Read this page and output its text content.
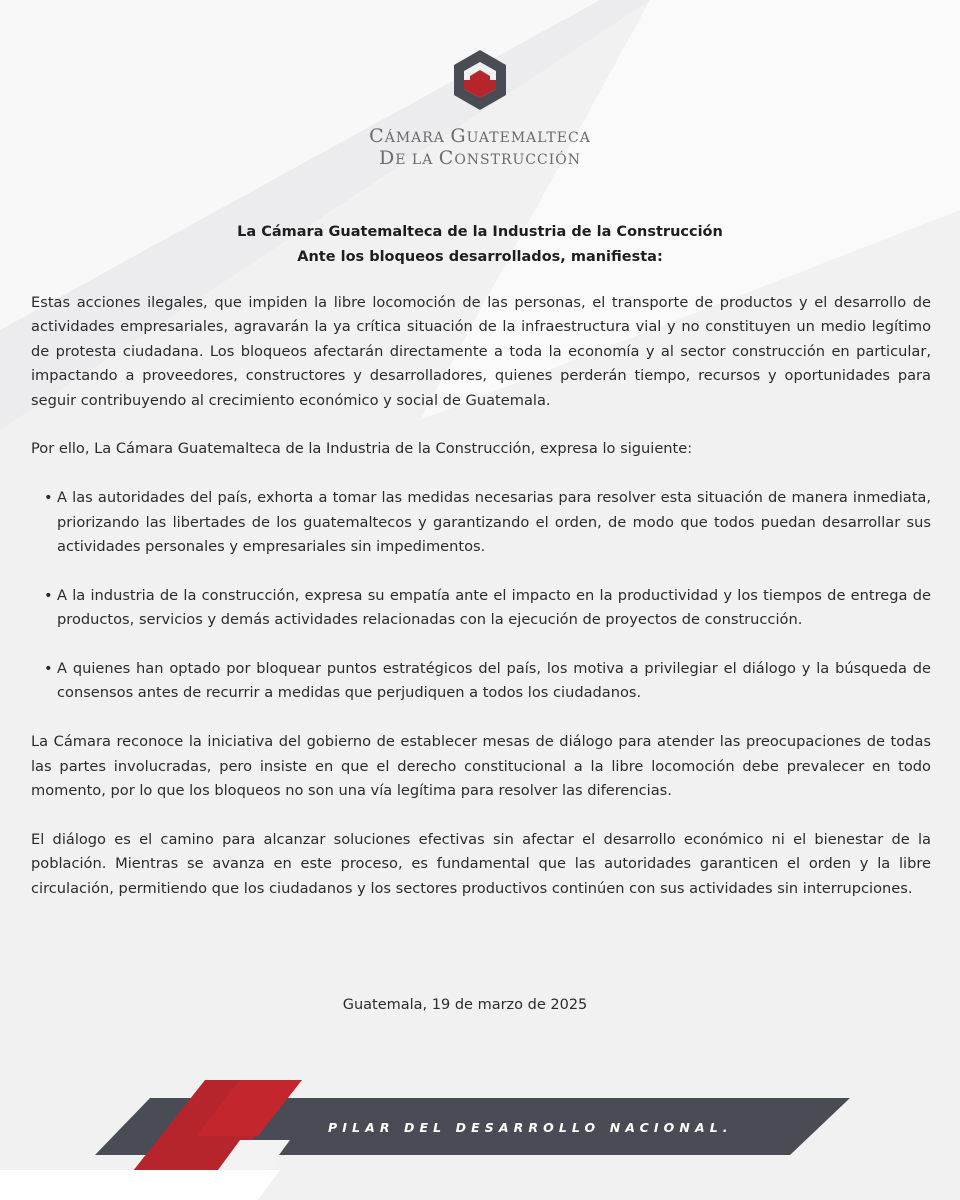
CÁMARA GUATEMALTECA
DE LA CONSTRUCCIÓN
La Cámara Guatemalteca de la Industria de la Construcción
Ante los bloqueos desarrollados, manifiesta:

Estas acciones ilegales, que impiden la libre locomoción de las personas, el transporte de productos y el desarrollo de actividades empresariales, agravarán la ya crítica situación de la infraestructura vial y no constituyen un medio legítimo de protesta ciudadana. Los bloqueos afectarán directamente a toda la economía y al sector construcción en particular, impactando a proveedores, constructores y desarrolladores, quienes perderán tiempo, recursos y oportunidades para seguir contribuyendo al crecimiento económico y social de Guatemala.

Por ello, La Cámara Guatemalteca de la Industria de la Construcción, expresa lo siguiente:

• A las autoridades del país, exhorta a tomar las medidas necesarias para resolver esta situación de manera inmediata, priorizando las libertades de los guatemaltecos y garantizando el orden, de modo que todos puedan desarrollar sus actividades personales y empresariales sin impedimentos.
• A la industria de la construcción, expresa su empatía ante el impacto en la productividad y los tiempos de entrega de productos, servicios y demás actividades relacionadas con la ejecución de proyectos de construcción.
• A quienes han optado por bloquear puntos estratégicos del país, los motiva a privilegiar el diálogo y la búsqueda de consensos antes de recurrir a medidas que perjudiquen a todos los ciudadanos.

La Cámara reconoce la iniciativa del gobierno de establecer mesas de diálogo para atender las preocupaciones de todas las partes involucradas, pero insiste en que el derecho constitucional a la libre locomoción debe prevalecer en todo momento, por lo que los bloqueos no son una vía legítima para resolver las diferencias.

El diálogo es el camino para alcanzar soluciones efectivas sin afectar el desarrollo económico ni el bienestar de la población. Mientras se avanza en este proceso, es fundamental que las autoridades garanticen el orden y la libre circulación, permitiendo que los ciudadanos y los sectores productivos continúen con sus actividades sin interrupciones.

Guatemala, 19 de marzo de 2025
PILAR DEL DESARROLLO NACIONAL.
